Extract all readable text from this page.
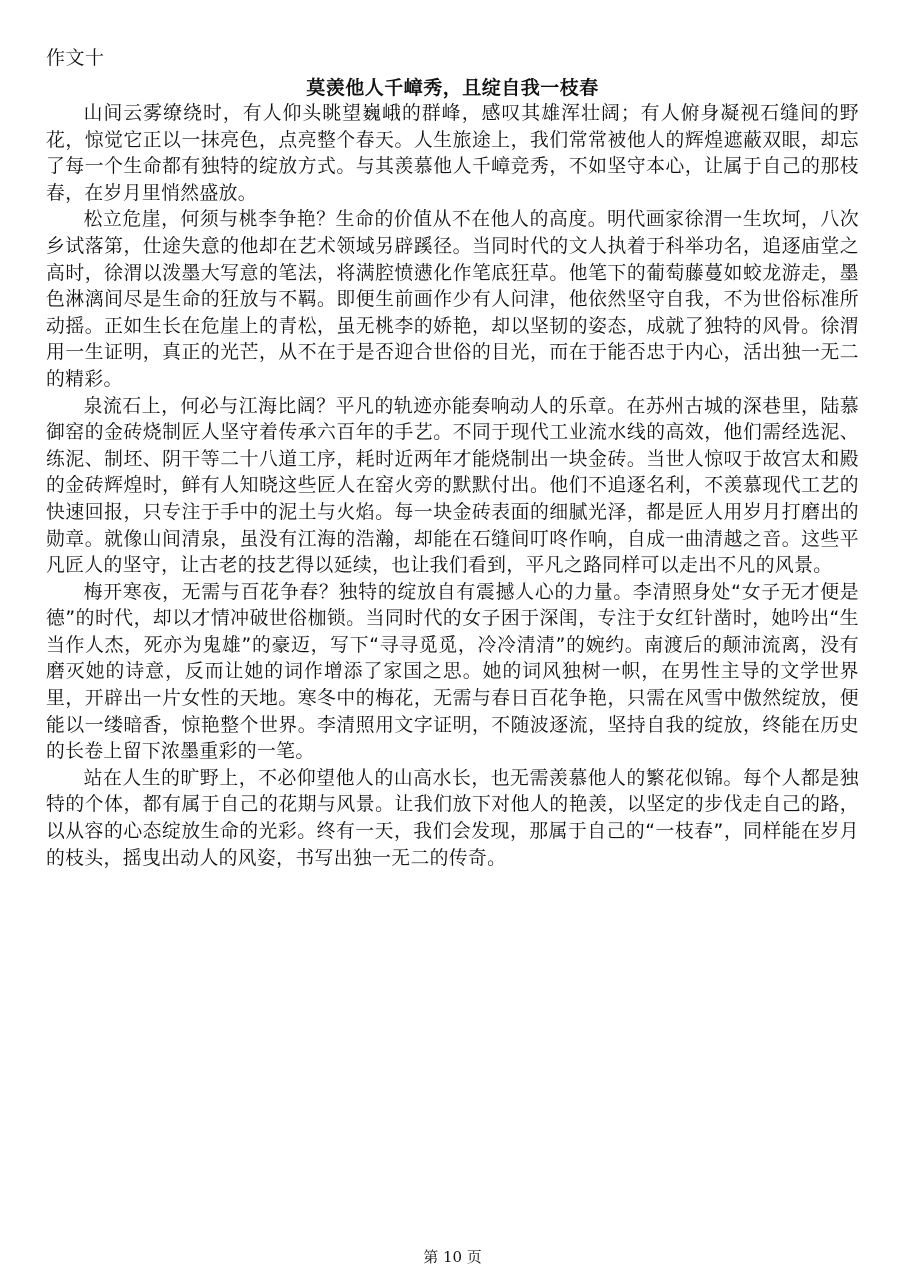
作文十
莫羡他人千嶂秀，且绽自我一枝春

山间云雾缭绕时，有人仰头眺望巍峨的群峰，感叹其雄浑壮阔；有人俯身凝视石缝间的野花，惊觉它正以一抹亮色，点亮整个春天。人生旅途上，我们常常被他人的辉煌遮蔽双眼，却忘了每一个生命都有独特的绽放方式。与其羡慕他人千嶂竞秀，不如坚守本心，让属于自己的那枝春，在岁月里悄然盛放。

松立危崖，何须与桃李争艳？生命的价值从不在他人的高度。明代画家徐渭一生坎坷，八次乡试落第，仕途失意的他却在艺术领域另辟蹊径。当同时代的文人执着于科举功名，追逐庙堂之高时，徐渭以泼墨大写意的笔法，将满腔愤懑化作笔底狂草。他笔下的葡萄藤蔓如蛟龙游走，墨色淋漓间尽是生命的狂放与不羁。即便生前画作少有人问津，他依然坚守自我，不为世俗标准所动摇。正如生长在危崖上的青松，虽无桃李的娇艳，却以坚韧的姿态，成就了独特的风骨。徐渭用一生证明，真正的光芒，从不在于是否迎合世俗的目光，而在于能否忠于内心，活出独一无二的精彩。

泉流石上，何必与江海比阔？平凡的轨迹亦能奏响动人的乐章。在苏州古城的深巷里，陆慕御窑的金砖烧制匠人坚守着传承六百年的手艺。不同于现代工业流水线的高效，他们需经选泥、练泥、制坯、阴干等二十八道工序，耗时近两年才能烧制出一块金砖。当世人惊叹于故宫太和殿的金砖辉煌时，鲜有人知晓这些匠人在窑火旁的默默付出。他们不追逐名利，不羡慕现代工艺的快速回报，只专注于手中的泥土与火焰。每一块金砖表面的细腻光泽，都是匠人用岁月打磨出的勋章。就像山间清泉，虽没有江海的浩瀚，却能在石缝间叮咚作响，自成一曲清越之音。这些平凡匠人的坚守，让古老的技艺得以延续，也让我们看到，平凡之路同样可以走出不凡的风景。

梅开寒夜，无需与百花争春？独特的绽放自有震撼人心的力量。李清照身处“女子无才便是德”的时代，却以才情冲破世俗枷锁。当同时代的女子困于深闺，专注于女红针凿时，她吟出“生当作人杰，死亦为鬼雄”的豪迈，写下“寻寻觅觅，冷冷清清”的婉约。南渡后的颠沛流离，没有磨灭她的诗意，反而让她的词作增添了家国之思。她的词风独树一帜，在男性主导的文学世界里，开辟出一片女性的天地。寒冬中的梅花，无需与春日百花争艳，只需在风雪中傲然绽放，便能以一缕暗香，惊艳整个世界。李清照用文字证明，不随波逐流，坚持自我的绽放，终能在历史的长卷上留下浓墨重彩的一笔。

站在人生的旷野上，不必仰望他人的山高水长，也无需羡慕他人的繁花似锦。每个人都是独特的个体，都有属于自己的花期与风景。让我们放下对他人的艳羡，以坚定的步伐走自己的路，以从容的心态绽放生命的光彩。终有一天，我们会发现，那属于自己的“一枝春”，同样能在岁月的枝头，摇曳出动人的风姿，书写出独一无二的传奇。

第 10 页
